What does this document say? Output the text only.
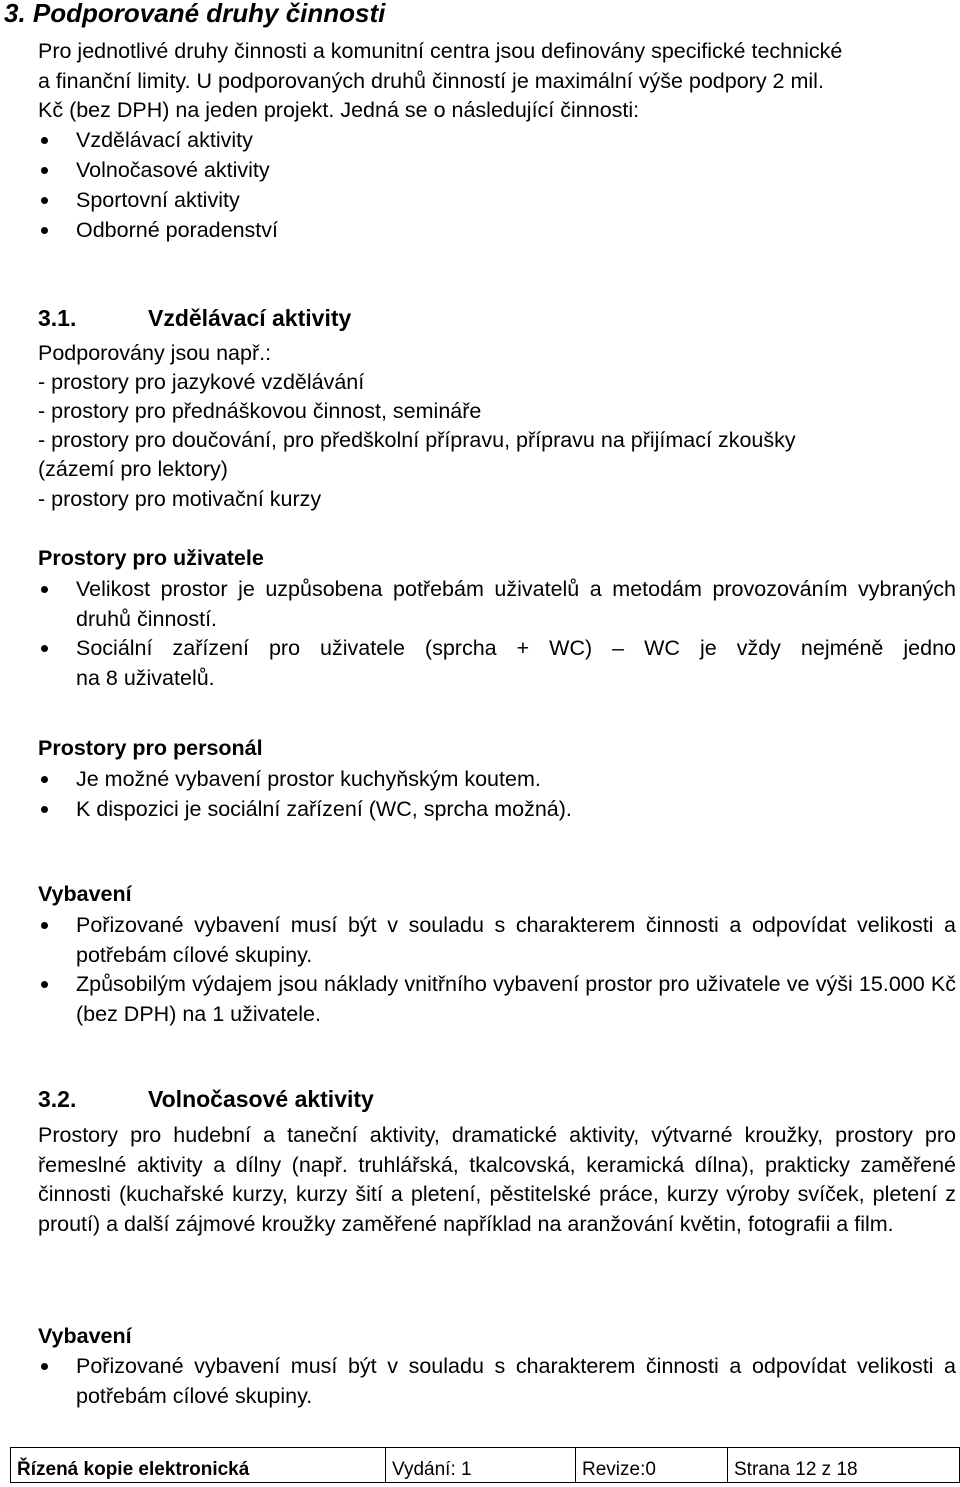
3. Podporované druhy činnosti
Pro jednotlivé druhy činnosti a komunitní centra jsou definovány specifické technické
a finanční limity. U podporovaných druhů činností je maximální výše podpory 2 mil.
Kč (bez DPH) na jeden projekt. Jedná se o následující činnosti:
Vzdělávací aktivity
Volnočasové aktivity
Sportovní aktivity
Odborné poradenství
3.1.	Vzdělávací aktivity
Podporovány jsou např.:
- prostory pro jazykové vzdělávání
- prostory pro přednáškovou činnost, semináře
- prostory pro doučování, pro předškolní přípravu, přípravu na přijímací zkoušky
(zázemí pro lektory)
- prostory pro motivační kurzy
Prostory pro uživatele
Velikost prostor je uzpůsobena potřebám uživatelů a metodám provozováním vybraných druhů činností.
Sociální zařízení pro uživatele (sprcha + WC) – WC je vždy nejméně jedno
na 8 uživatelů.
Prostory pro personál
Je možné vybavení prostor kuchyňským koutem.
K dispozici je sociální zařízení (WC, sprcha možná).
Vybavení
Pořizované vybavení musí být v souladu s charakterem činnosti a odpovídat velikosti a potřebám cílové skupiny.
Způsobilým výdajem jsou náklady vnitřního vybavení prostor pro uživatele ve výši 15.000 Kč (bez DPH) na 1 uživatele.
3.2.	Volnočasové aktivity
Prostory pro hudební a taneční aktivity, dramatické aktivity, výtvarné kroužky, prostory pro řemeslné aktivity a dílny (např. truhlářská, tkalcovská, keramická dílna), prakticky zaměřené činnosti (kuchařské kurzy, kurzy šití a pletení, pěstitelské práce, kurzy výroby svíček, pletení z proutí) a další zájmové kroužky zaměřené například na aranžování květin, fotografii a film.
Vybavení
Pořizované vybavení musí být v souladu s charakterem činnosti a odpovídat velikosti a potřebám cílové skupiny.
Řízená kopie elektronická	Vydání: 1	Revize:0	Strana 12 z 18
